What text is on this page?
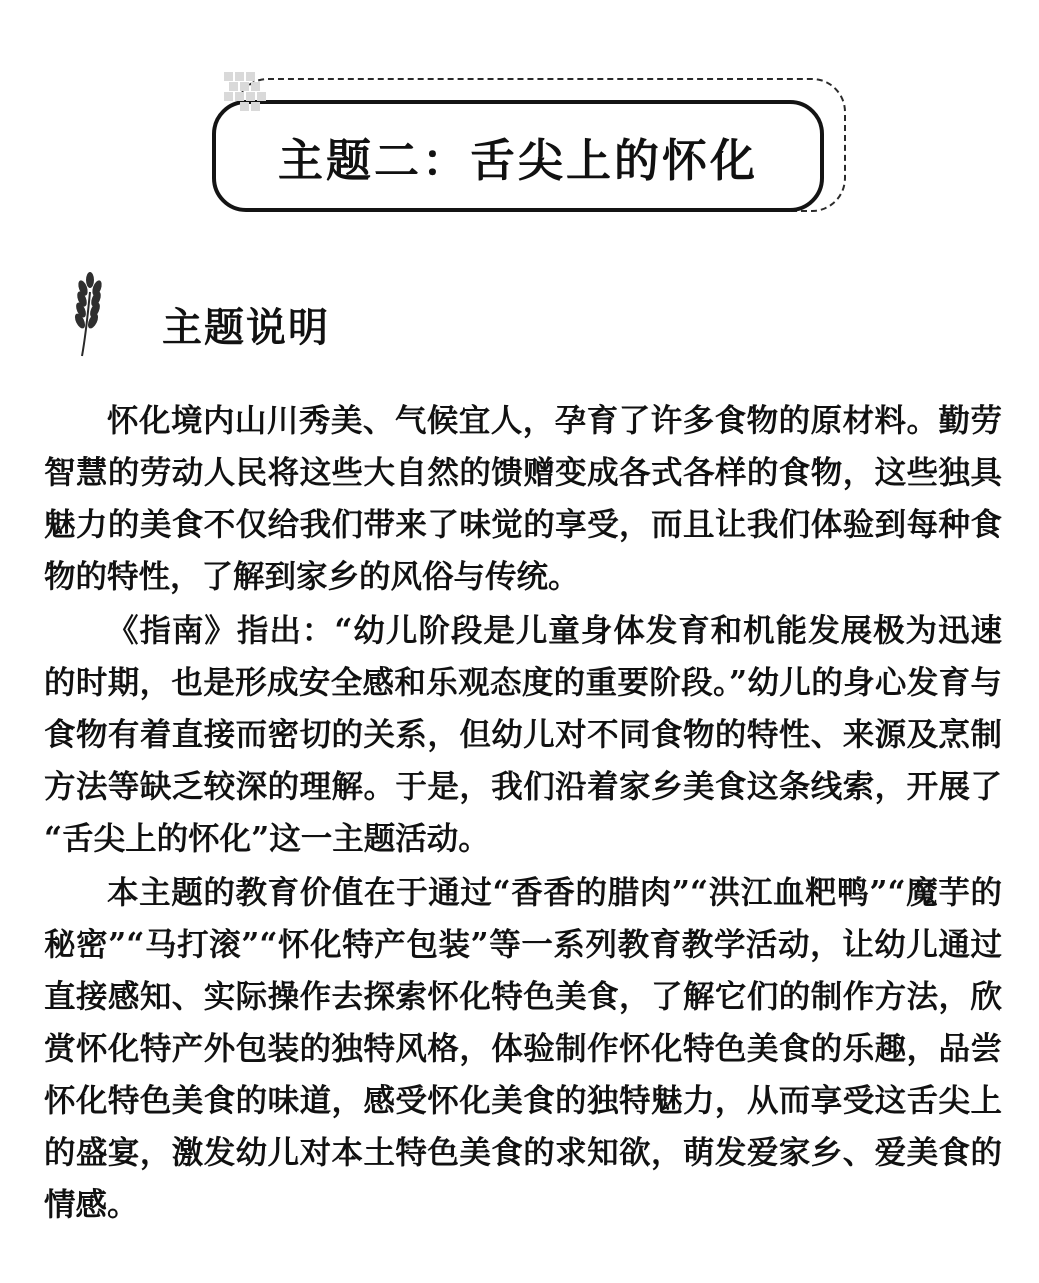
主题二：舌尖上的怀化
主题说明

怀化境内山川秀美、气候宜人，孕育了许多食物的原材料。勤劳智慧的劳动人民将这些大自然的馈赠变成各式各样的食物，这些独具魅力的美食不仅给我们带来了味觉的享受，而且让我们体验到每种食物的特性，了解到家乡的风俗与传统。

《指南》指出：“幼儿阶段是儿童身体发育和机能发展极为迅速的时期，也是形成安全感和乐观态度的重要阶段。”幼儿的身心发育与食物有着直接而密切的关系，但幼儿对不同食物的特性、来源及烹制方法等缺乏较深的理解。于是，我们沿着家乡美食这条线索，开展了“舌尖上的怀化”这一主题活动。

本主题的教育价值在于通过“香香的腊肉”“洪江血粑鸭”“魔芋的秘密”“马打滚”“怀化特产包装”等一系列教育教学活动，让幼儿通过直接感知、实际操作去探索怀化特色美食，了解它们的制作方法，欣赏怀化特产外包装的独特风格，体验制作怀化特色美食的乐趣，品尝怀化特色美食的味道，感受怀化美食的独特魅力，从而享受这舌尖上的盛宴，激发幼儿对本土特色美食的求知欲，萌发爱家乡、爱美食的情感。
